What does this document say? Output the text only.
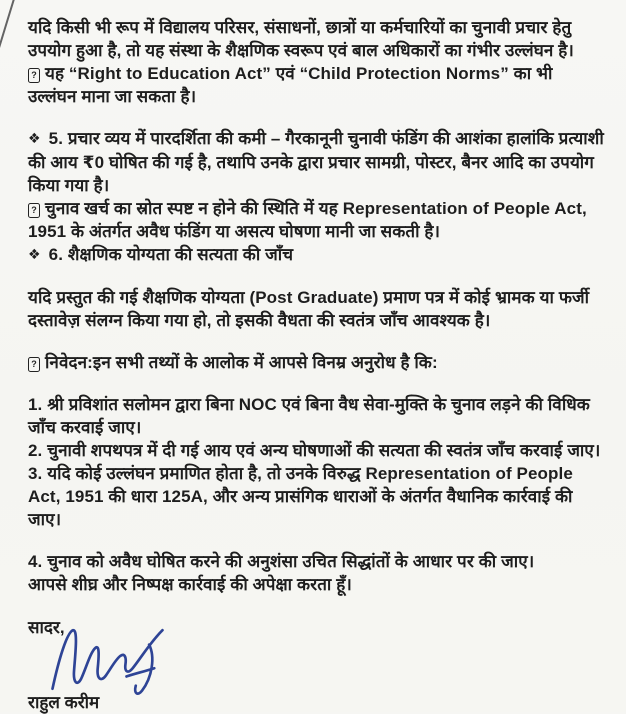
यदि किसी भी रूप में विद्यालय परिसर, संसाधनों, छात्रों या कर्मचारियों का चुनावी प्रचार हेतु उपयोग हुआ है, तो यह संस्था के शैक्षणिक स्वरूप एवं बाल अधिकारों का गंभीर उल्लंघन है।

? यह “Right to Education Act” एवं “Child Protection Norms” का भी उल्लंघन माना जा सकता है।

❖ 5. प्रचार व्यय में पारदर्शिता की कमी – गैरकानूनी चुनावी फंडिंग की आशंका हालांकि प्रत्याशी की आय ₹0 घोषित की गई है, तथापि उनके द्वारा प्रचार सामग्री, पोस्टर, बैनर आदि का उपयोग किया गया है।

? चुनाव खर्च का स्रोत स्पष्ट न होने की स्थिति में यह Representation of People Act, 1951 के अंतर्गत अवैध फंडिंग या असत्य घोषणा मानी जा सकती है।

❖ 6. शैक्षणिक योग्यता की सत्यता की जाँच

यदि प्रस्तुत की गई शैक्षणिक योग्यता (Post Graduate) प्रमाण पत्र में कोई भ्रामक या फर्जी दस्तावेज़ संलग्न किया गया हो, तो इसकी वैधता की स्वतंत्र जाँच आवश्यक है।

? निवेदन:इन सभी तथ्यों के आलोक में आपसे विनम्र अनुरोध है कि:

1. श्री प्रविशांत सलोमन द्वारा बिना NOC एवं बिना वैध सेवा-मुक्ति के चुनाव लड़ने की विधिक जाँच करवाई जाए।

2. चुनावी शपथपत्र में दी गई आय एवं अन्य घोषणाओं की सत्यता की स्वतंत्र जाँच करवाई जाए।

3. यदि कोई उल्लंघन प्रमाणित होता है, तो उनके विरुद्ध Representation of People Act, 1951 की धारा 125A, और अन्य प्रासंगिक धाराओं के अंतर्गत वैधानिक कार्रवाई की जाए।

4. चुनाव को अवैध घोषित करने की अनुशंसा उचित सिद्धांतों के आधार पर की जाए।

आपसे शीघ्र और निष्पक्ष कार्रवाई की अपेक्षा करता हूँ।

सादर,
राहुल करीम
